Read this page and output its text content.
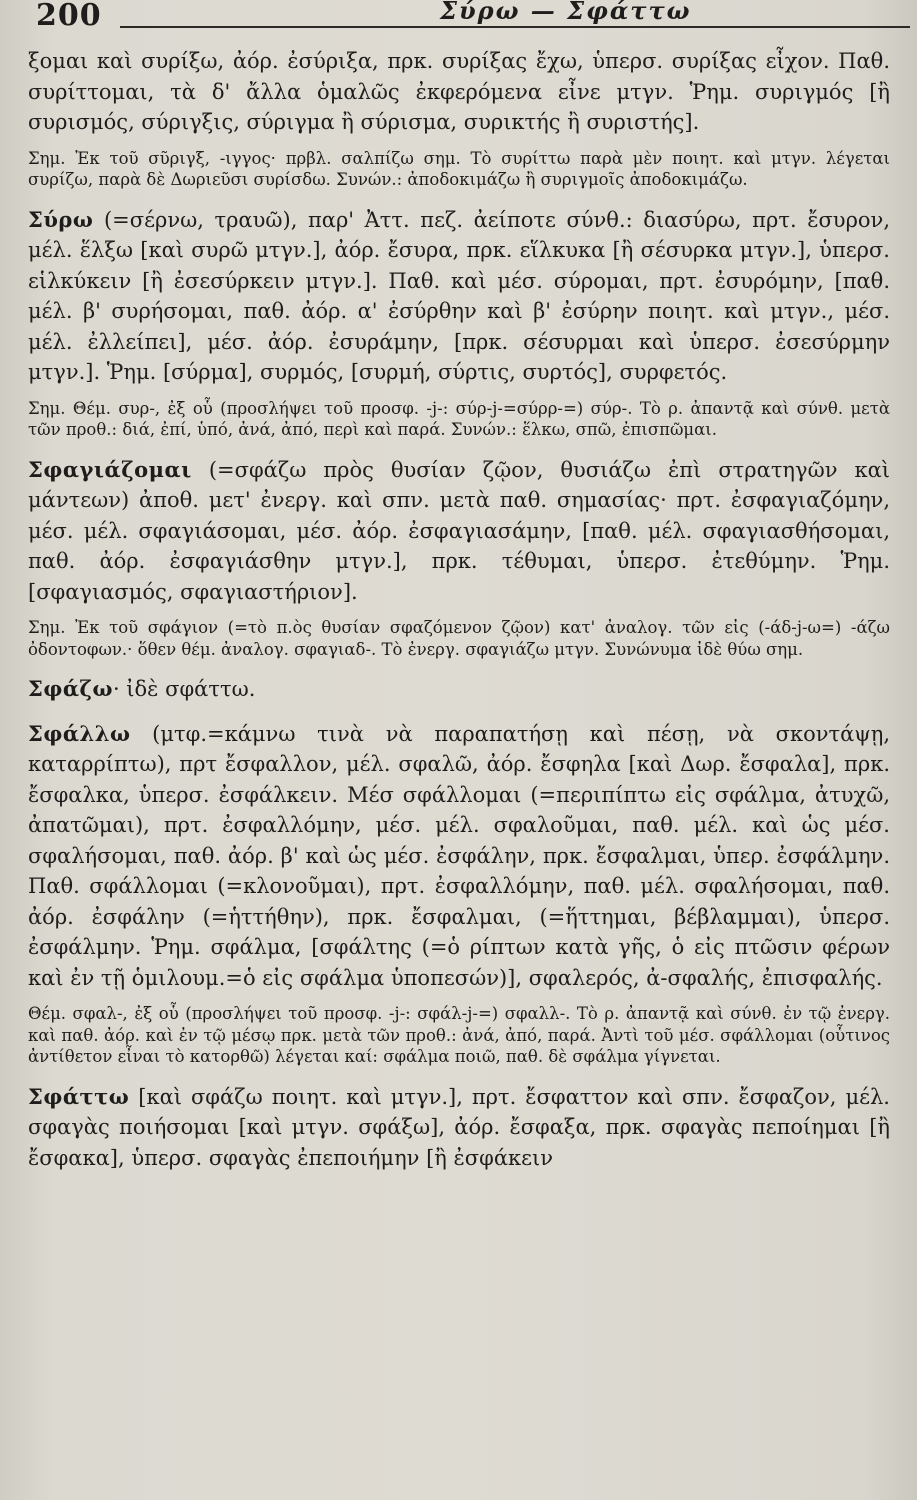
200	Σύρω — Σφάττω

ξομαι καὶ συρίξω, ἀόρ. ἐσύριξα, πρκ. συρίξας ἔχω, ὑπερσ. συρίξας εἶχον. Παθ. συρίττομαι, τὰ δ' ἄλλα ὁμαλῶς ἐκφερόμενα εἶνε μτγν. Ῥημ. συριγμός [ἢ συρισμός, σύριγξις, σύριγμα ἢ σύρισμα, συρικτής ἢ συριστής].

Σημ. Ἐκ τοῦ σῦριγξ, -ιγγος· πρβλ. σαλπίζω σημ. Τὸ συρίττω παρὰ μὲν ποιητ. καὶ μτγν. λέγεται συρίζω, παρὰ δὲ Δωριεῦσι συρίσδω. Συνών.: ἀποδοκιμάζω ἢ συριγμοῖς ἀποδοκιμάζω.

Σύρω (=σέρνω, τραυῶ), παρ' Ἀττ. πεζ. ἀείποτε σύνθ.: διασύρω, πρτ. ἔσυρον, μέλ. ἕλξω [καὶ συρῶ μτγν.], ἀόρ. ἔσυρα, πρκ. εἵλκυκα [ἢ σέσυρκα μτγν.], ὑπερσ. εἱλκύκειν [ἢ ἐσεσύρκειν μτγν.]. Παθ. καὶ μέσ. σύρομαι, πρτ. ἐσυρόμην, [παθ. μέλ. β' συρήσομαι, παθ. ἀόρ. α' ἐσύρθην καὶ β' ἐσύρην ποιητ. καὶ μτγν., μέσ. μέλ. ἐλλείπει], μέσ. ἀόρ. ἐσυράμην, [πρκ. σέσυρμαι καὶ ὑπερσ. ἐσεσύρμην μτγν.]. Ῥημ. [σύρμα], συρμός, [συρμή, σύρτις, συρτός], συρφετός.

Σημ. Θέμ. συρ-, ἐξ οὗ (προσλήψει τοῦ προσφ. -j-: σύρ-j-=σύρρ-=) σύρ-. Τὸ ρ. ἀπαντᾷ καὶ σύνθ. μετὰ τῶν προθ.: διά, ἐπί, ὑπό, ἀνά, ἀπό, περὶ καὶ παρά. Συνών.: ἕλκω, σπῶ, ἐπισπῶμαι.

Σφαγιάζομαι (=σφάζω πρὸς θυσίαν ζῷον, θυσιάζω ἐπὶ στρατηγῶν καὶ μάντεων) ἀποθ. μετ' ἐνεργ. καὶ σπν. μετὰ παθ. σημασίας· πρτ. ἐσφαγιαζόμην, μέσ. μέλ. σφαγιάσομαι, μέσ. ἀόρ. ἐσφαγιασάμην, [παθ. μέλ. σφαγιασθήσομαι, παθ. ἀόρ. ἐσφαγιάσθην μτγν.], πρκ. τέθυμαι, ὑπερσ. ἐτεθύμην. Ῥημ. [σφαγιασμός, σφαγιαστήριον].

Σημ. Ἐκ τοῦ σφάγιον (=τὸ π.ὸς θυσίαν σφαζόμενον ζῷον) κατ' ἀναλογ. τῶν εἰς (-άδ-j-ω=) -άζω ὀδοντοφων.· ὅθεν θέμ. ἀναλογ. σφαγιαδ-. Τὸ ἐνεργ. σφαγιάζω μτγν. Συνώνυμα ἰδὲ θύω σημ.

Σφάζω· ἰδὲ σφάττω.

Σφάλλω (μτφ.=κάμνω τινὰ νὰ παραπατήσῃ καὶ πέσῃ, νὰ σκοντάψῃ, καταρρίπτω), πρτ ἔσφαλλον, μέλ. σφαλῶ, ἀόρ. ἔσφηλα [καὶ Δωρ. ἔσφαλα], πρκ. ἔσφαλκα, ὑπερσ. ἐσφάλκειν. Μέσ σφάλλομαι (=περιπίπτω εἰς σφάλμα, ἀτυχῶ, ἀπατῶμαι), πρτ. ἐσφαλλόμην, μέσ. μέλ. σφαλοῦμαι, παθ. μέλ. καὶ ὡς μέσ. σφαλήσομαι, παθ. ἀόρ. β' καὶ ὡς μέσ. ἐσφάλην, πρκ. ἔσφαλμαι, ὑπερ. ἐσφάλμην. Παθ. σφάλλομαι (=κλονοῦμαι), πρτ. ἐσφαλλόμην, παθ. μέλ. σφαλήσομαι, παθ. ἀόρ. ἐσφάλην (=ἡττήθην), πρκ. ἔσφαλμαι, (=ἥττημαι, βέβλαμμαι), ὑπερσ. ἐσφάλμην. Ῥημ. σφάλμα, [σφάλτης (=ὁ ρίπτων κατὰ γῆς, ὁ εἰς πτῶσιν φέρων καὶ ἐν τῇ ὁμιλουμ.=ὁ εἰς σφάλμα ὑποπεσών)], σφαλερός, ἀ-σφαλής, ἐπισφαλής.

Θέμ. σφαλ-, ἐξ οὗ (προσλήψει τοῦ προσφ. -j-: σφάλ-j-=) σφαλλ-. Τὸ ρ. ἀπαντᾷ καὶ σύνθ. ἐν τῷ ἐνεργ. καὶ παθ. ἀόρ. καὶ ἐν τῷ μέσῳ πρκ. μετὰ τῶν προθ.: ἀνά, ἀπό, παρά. Ἀντὶ τοῦ μέσ. σφάλλομαι (οὗτινος ἀντίθετον εἶναι τὸ κατορθῶ) λέγεται καί: σφάλμα ποιῶ, παθ. δὲ σφάλμα γίγνεται.

Σφάττω [καὶ σφάζω ποιητ. καὶ μτγν.], πρτ. ἔσφαττον καὶ σπν. ἔσφαζον, μέλ. σφαγὰς ποιήσομαι [καὶ μτγν. σφάξω], ἀόρ. ἔσφαξα, πρκ. σφαγὰς πεποίημαι [ἢ ἔσφακα], ὑπερσ. σφαγὰς ἐπεποιήμην [ἢ ἐσφάκειν
